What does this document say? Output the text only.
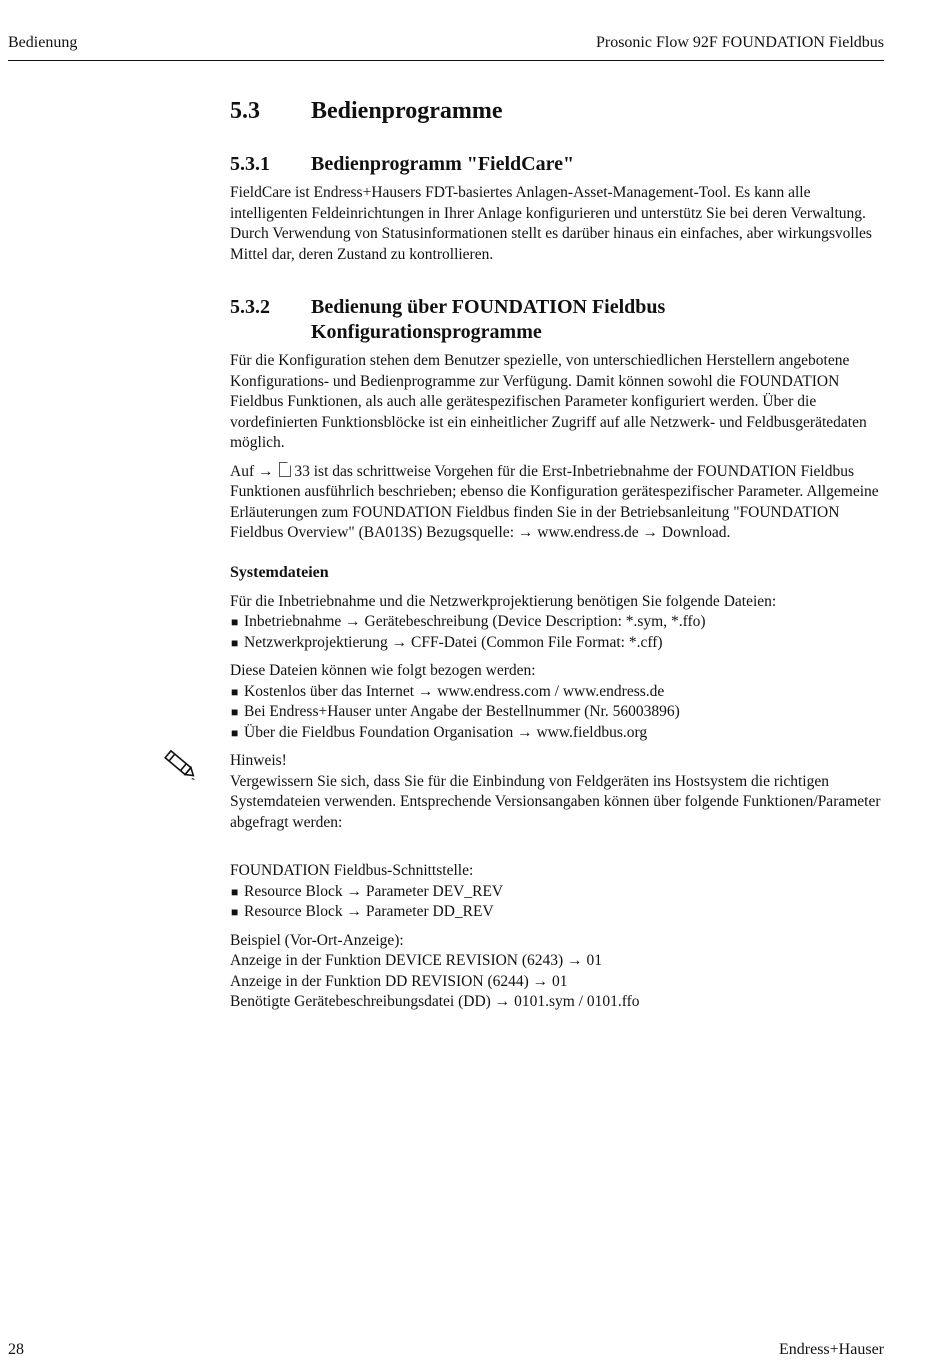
Bedienung	Prosonic Flow 92F FOUNDATION Fieldbus
5.3 Bedienprogramme
5.3.1 Bedienprogramm "FieldCare"

FieldCare ist Endress+Hausers FDT-basiertes Anlagen-Asset-Management-Tool. Es kann alle intelligenten Feldeinrichtungen in Ihrer Anlage konfigurieren und unterstütz Sie bei deren Verwaltung. Durch Verwendung von Statusinformationen stellt es darüber hinaus ein einfaches, aber wirkungsvolles Mittel dar, deren Zustand zu kontrollieren.

5.3.2 Bedienung über FOUNDATION Fieldbus
Konfigurationsprogramme

Für die Konfiguration stehen dem Benutzer spezielle, von unterschiedlichen Herstellern angebotene Konfigurations- und Bedienprogramme zur Verfügung. Damit können sowohl die FOUNDATION Fieldbus Funktionen, als auch alle gerätespezifischen Parameter konfiguriert werden. Über die vordefinierten Funktionsblöcke ist ein einheitlicher Zugriff auf alle Netzwerk- und Feldbusgerätedaten möglich.

Auf → 33 ist das schrittweise Vorgehen für die Erst-Inbetriebnahme der FOUNDATION Fieldbus Funktionen ausführlich beschrieben; ebenso die Konfiguration gerätespezifischer Parameter. Allgemeine Erläuterungen zum FOUNDATION Fieldbus finden Sie in der Betriebsanleitung "FOUNDATION Fieldbus Overview" (BA013S) Bezugsquelle: → www.endress.de → Download.

Systemdateien
Für die Inbetriebnahme und die Netzwerkprojektierung benötigen Sie folgende Dateien:
■ Inbetriebnahme → Gerätebeschreibung (Device Description: *.sym, *.ffo)
■ Netzwerkprojektierung → CFF-Datei (Common File Format: *.cff)
Diese Dateien können wie folgt bezogen werden:
■ Kostenlos über das Internet → www.endress.com / www.endress.de
■ Bei Endress+Hauser unter Angabe der Bestellnummer (Nr. 56003896)
■ Über die Fieldbus Foundation Organisation → www.fieldbus.org
Hinweis!
Vergewissern Sie sich, dass Sie für die Einbindung von Feldgeräten ins Hostsystem die richtigen Systemdateien verwenden. Entsprechende Versionsangaben können über folgende Funktionen/Parameter abgefragt werden:
FOUNDATION Fieldbus-Schnittstelle:
■ Resource Block → Parameter DEV_REV
■ Resource Block → Parameter DD_REV
Beispiel (Vor-Ort-Anzeige):
Anzeige in der Funktion DEVICE REVISION (6243) → 01
Anzeige in der Funktion DD REVISION (6244) → 01
Benötigte Gerätebeschreibungsdatei (DD) → 0101.sym / 0101.ffo
28	Endress+Hauser
